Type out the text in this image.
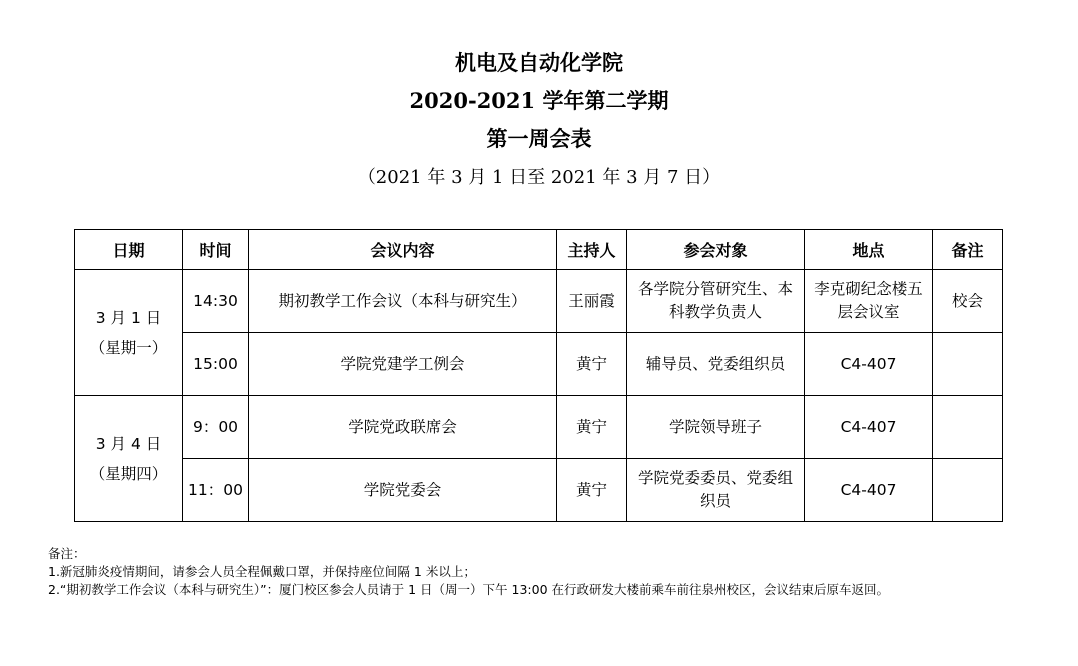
机电及自动化学院
2020-2021 学年第二学期
第一周会表
（2021 年 3 月 1 日至 2021 年 3 月 7 日）
日期	时间	会议内容	主持人	参会对象	地点	备注

3 月 1 日
（星期一）	14:30	期初教学工作会议（本科与研究生）	王丽霞	各学院分管研究生、本科教学负责人	李克砌纪念楼五层会议室	校会
	15:00	学院党建学工例会	黄宁	辅导员、党委组织员	C4-407	

3 月 4 日
（星期四）	9：00	学院党政联席会	黄宁	学院领导班子	C4-407	
	11：00	学院党委会	黄宁	学院党委委员、党委组织员	C4-407	
备注：
1.新冠肺炎疫情期间，请参会人员全程佩戴口罩，并保持座位间隔 1 米以上；
2.“期初教学工作会议（本科与研究生）”：厦门校区参会人员请于 1 日（周一）下午 13:00 在行政研发大楼前乘车前往泉州校区，会议结束后原车返回。
